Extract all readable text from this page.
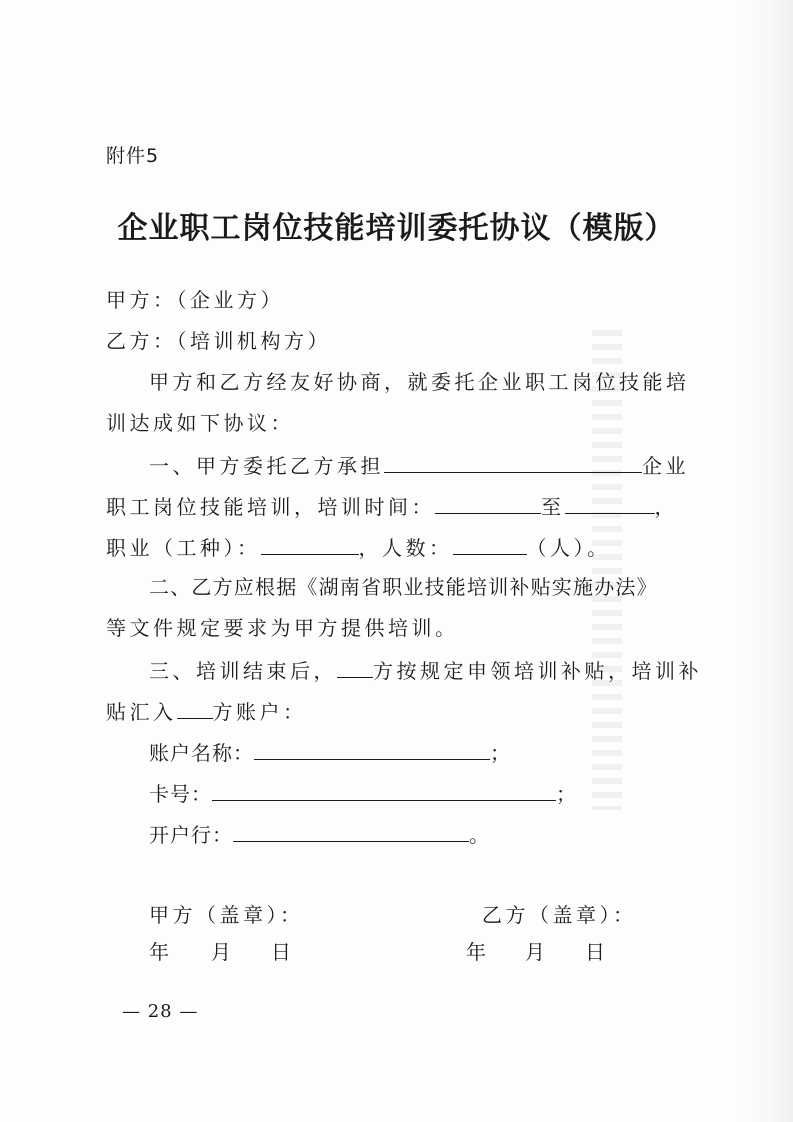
附件5
企业职工岗位技能培训委托协议（模版）
甲方：（企业方）
乙方：（培训机构方）
甲方和乙方经友好协商，就委托企业职工岗位技能培
训达成如下协议：
一、甲方委托乙方承担	企业
职工岗位技能培训，培训时间：	至	，
职业（工种）：	，人数：	（人）。
二、乙方应根据《湖南省职业技能培训补贴实施办法》
等文件规定要求为甲方提供培训。
三、培训结束后， 方按规定申领培训补贴，培训补
贴汇入 方账户：
账户名称：	；
卡号：	；
开户行：	。
甲方（盖章）：	乙方（盖章）：
年 月 日	年 月 日
— 28 —
